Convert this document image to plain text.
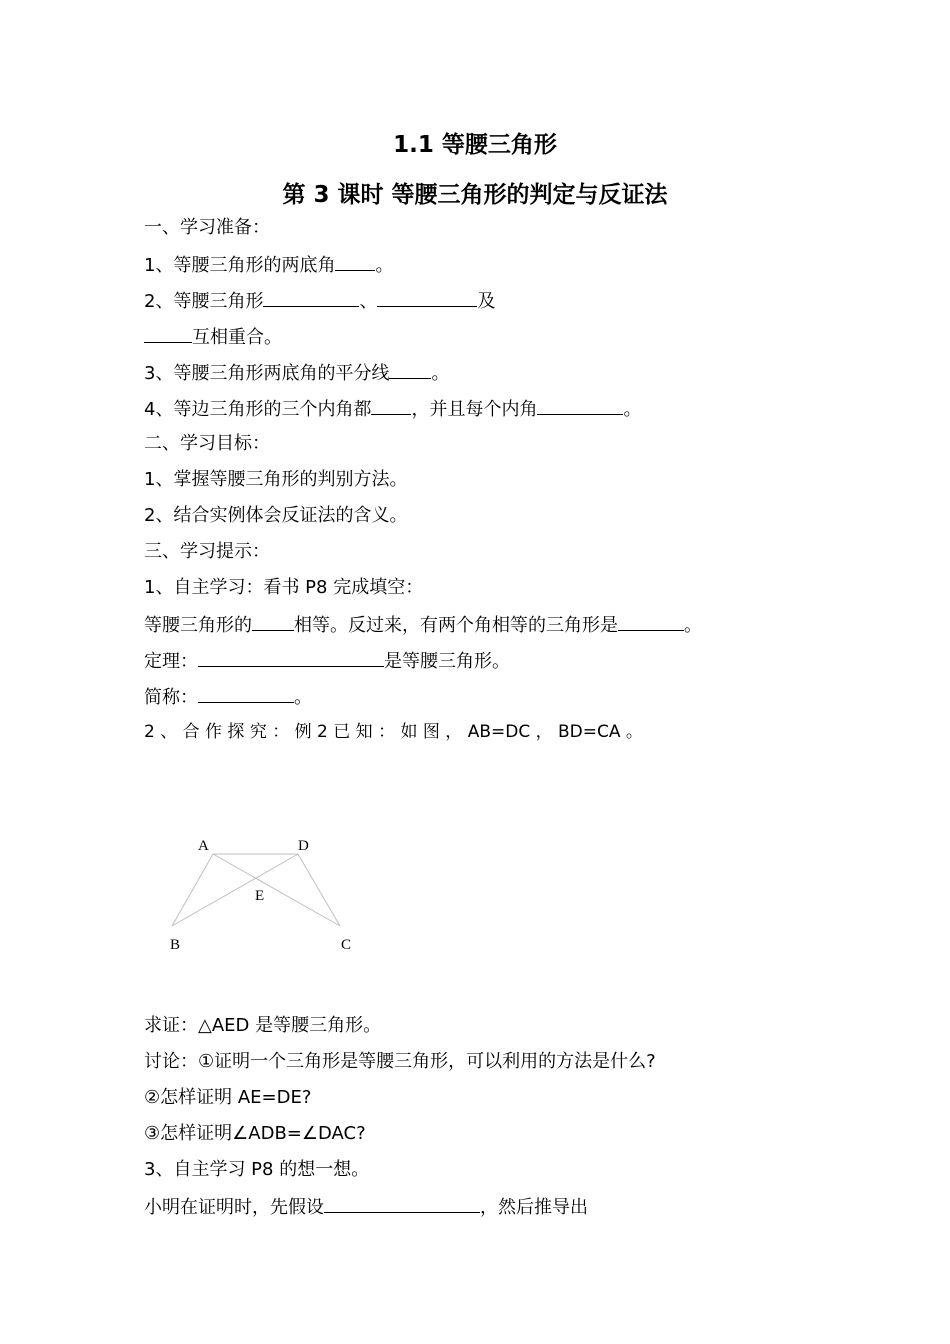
1.1 等腰三角形
第 3 课时 等腰三角形的判定与反证法
一、学习准备：
1、等腰三角形的两底角 。
2、等腰三角形	、	及
互相重合。
3、等腰三角形两底角的平分线 。
4、等边三角形的三个内角都 ，并且每个内角	。
二、学习目标：
1、掌握等腰三角形的判别方法。
2、结合实例体会反证法的含义。
三、学习提示：
1、自主学习：看书 P8 完成填空：
等腰三角形的 相等。反过来，有两个角相等的三角形是	。
定理：	是等腰三角形。
简称：	。
2 、 合 作 探 究 ： 例 2 已 知 ： 如 图 ， AB=DC ， BD=CA 。
A	D
E
B	C
求证：△AED 是等腰三角形。
讨论：①证明一个三角形是等腰三角形，可以利用的方法是什么?
②怎样证明 AE=DE?
③怎样证明∠ADB=∠DAC?
3、自主学习 P8 的想一想。
小明在证明时，先假设	，然后推导出
